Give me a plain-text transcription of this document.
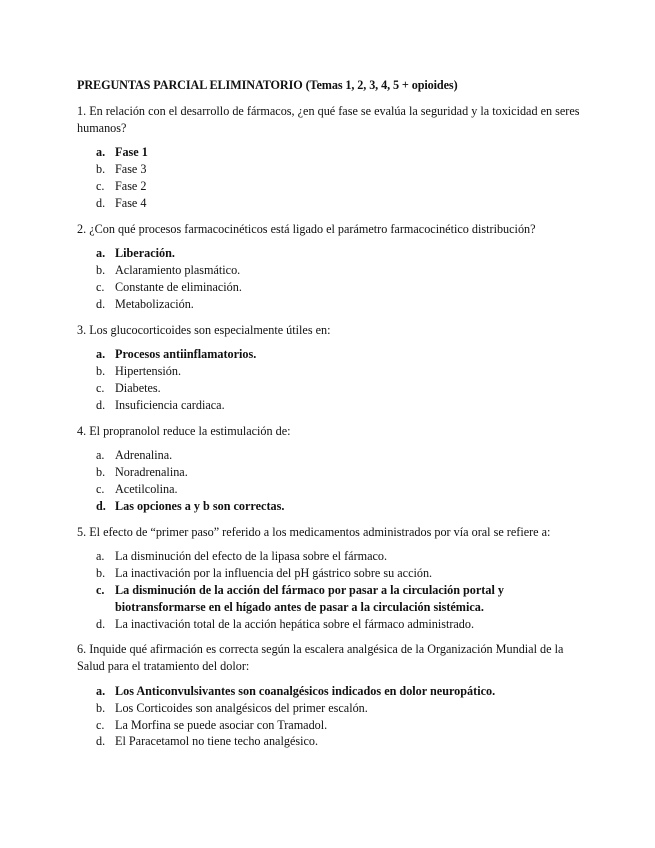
PREGUNTAS PARCIAL ELIMINATORIO (Temas 1, 2, 3, 4, 5 + opioides)
1. En relación con el desarrollo de fármacos, ¿en qué fase se evalúa la seguridad y la toxicidad en seres humanos?
a. Fase 1
b. Fase 3
c. Fase 2
d. Fase 4
2. ¿Con qué procesos farmacocinéticos está ligado el parámetro farmacocinético distribución?
a. Liberación.
b. Aclaramiento plasmático.
c. Constante de eliminación.
d. Metabolización.
3. Los glucocorticoides son especialmente útiles en:
a. Procesos antiinflamatorios.
b. Hipertensión.
c. Diabetes.
d. Insuficiencia cardiaca.
4. El propranolol reduce la estimulación de:
a. Adrenalina.
b. Noradrenalina.
c. Acetilcolina.
d. Las opciones a y b son correctas.
5. El efecto de “primer paso” referido a los medicamentos administrados por vía oral se refiere a:
a. La disminución del efecto de la lipasa sobre el fármaco.
b. La inactivación por la influencia del pH gástrico sobre su acción.
c. La disminución de la acción del fármaco por pasar a la circulación portal y biotransformarse en el hígado antes de pasar a la circulación sistémica.
d. La inactivación total de la acción hepática sobre el fármaco administrado.
6. Inquide qué afirmación es correcta según la escalera analgésica de la Organización Mundial de la Salud para el tratamiento del dolor:
a. Los Anticonvulsivantes son coanalgésicos indicados en dolor neuropático.
b. Los Corticoides son analgésicos del primer escalón.
c. La Morfina se puede asociar con Tramadol.
d. El Paracetamol no tiene techo analgésico.
